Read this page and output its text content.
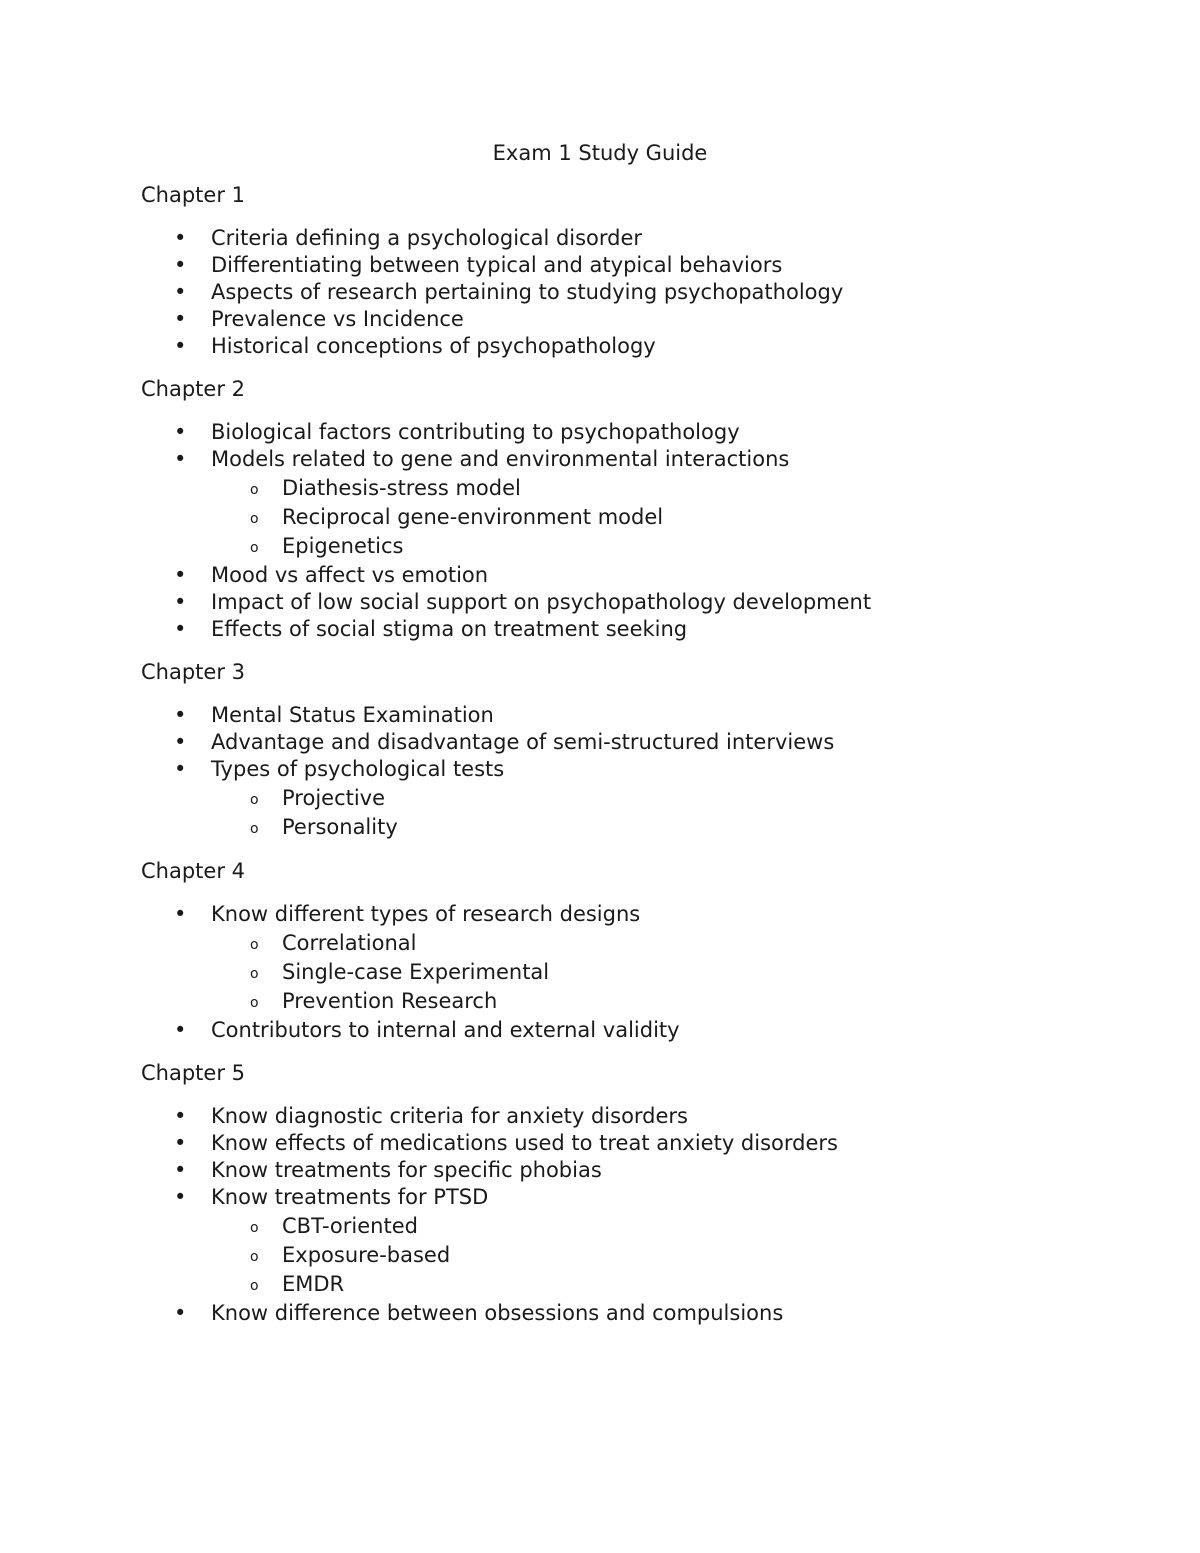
Exam 1 Study Guide
Chapter 1
•	Criteria defining a psychological disorder
•	Differentiating between typical and atypical behaviors
•	Aspects of research pertaining to studying psychopathology
•	Prevalence vs Incidence
•	Historical conceptions of psychopathology
Chapter 2
•	Biological factors contributing to psychopathology
•	Models related to gene and environmental interactions
o Diathesis-stress model
o Reciprocal gene-environment model
o Epigenetics
•	Mood vs affect vs emotion
•	Impact of low social support on psychopathology development
•	Effects of social stigma on treatment seeking
Chapter 3
•	Mental Status Examination
•	Advantage and disadvantage of semi-structured interviews
•	Types of psychological tests
o Projective
o Personality
Chapter 4
•	Know different types of research designs
o Correlational
o Single-case Experimental
o Prevention Research
•	Contributors to internal and external validity
Chapter 5
•	Know diagnostic criteria for anxiety disorders
•	Know effects of medications used to treat anxiety disorders
•	Know treatments for specific phobias
•	Know treatments for PTSD
o CBT-oriented
o Exposure-based
o EMDR
•	Know difference between obsessions and compulsions
